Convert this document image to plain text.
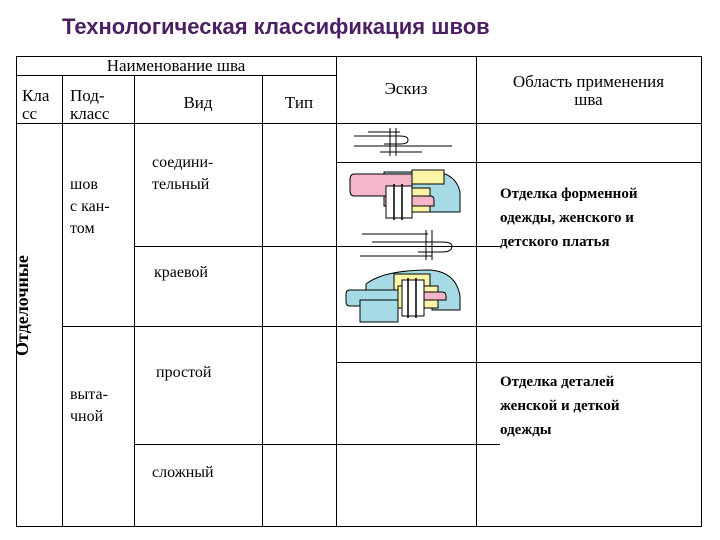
Технологическая классификация швов
Наименование шва
Кла
сс
Под-
класс
Вид	Тип
Эскиз	Область применения
шва
Отделочные
шов
с кан-
том
выта-
чной
соедини-
тельный
краевой
простой
сложный
Отделка форменной
одежды, женского и
детского платья
Отделка деталей
женской и деткой
одежды
